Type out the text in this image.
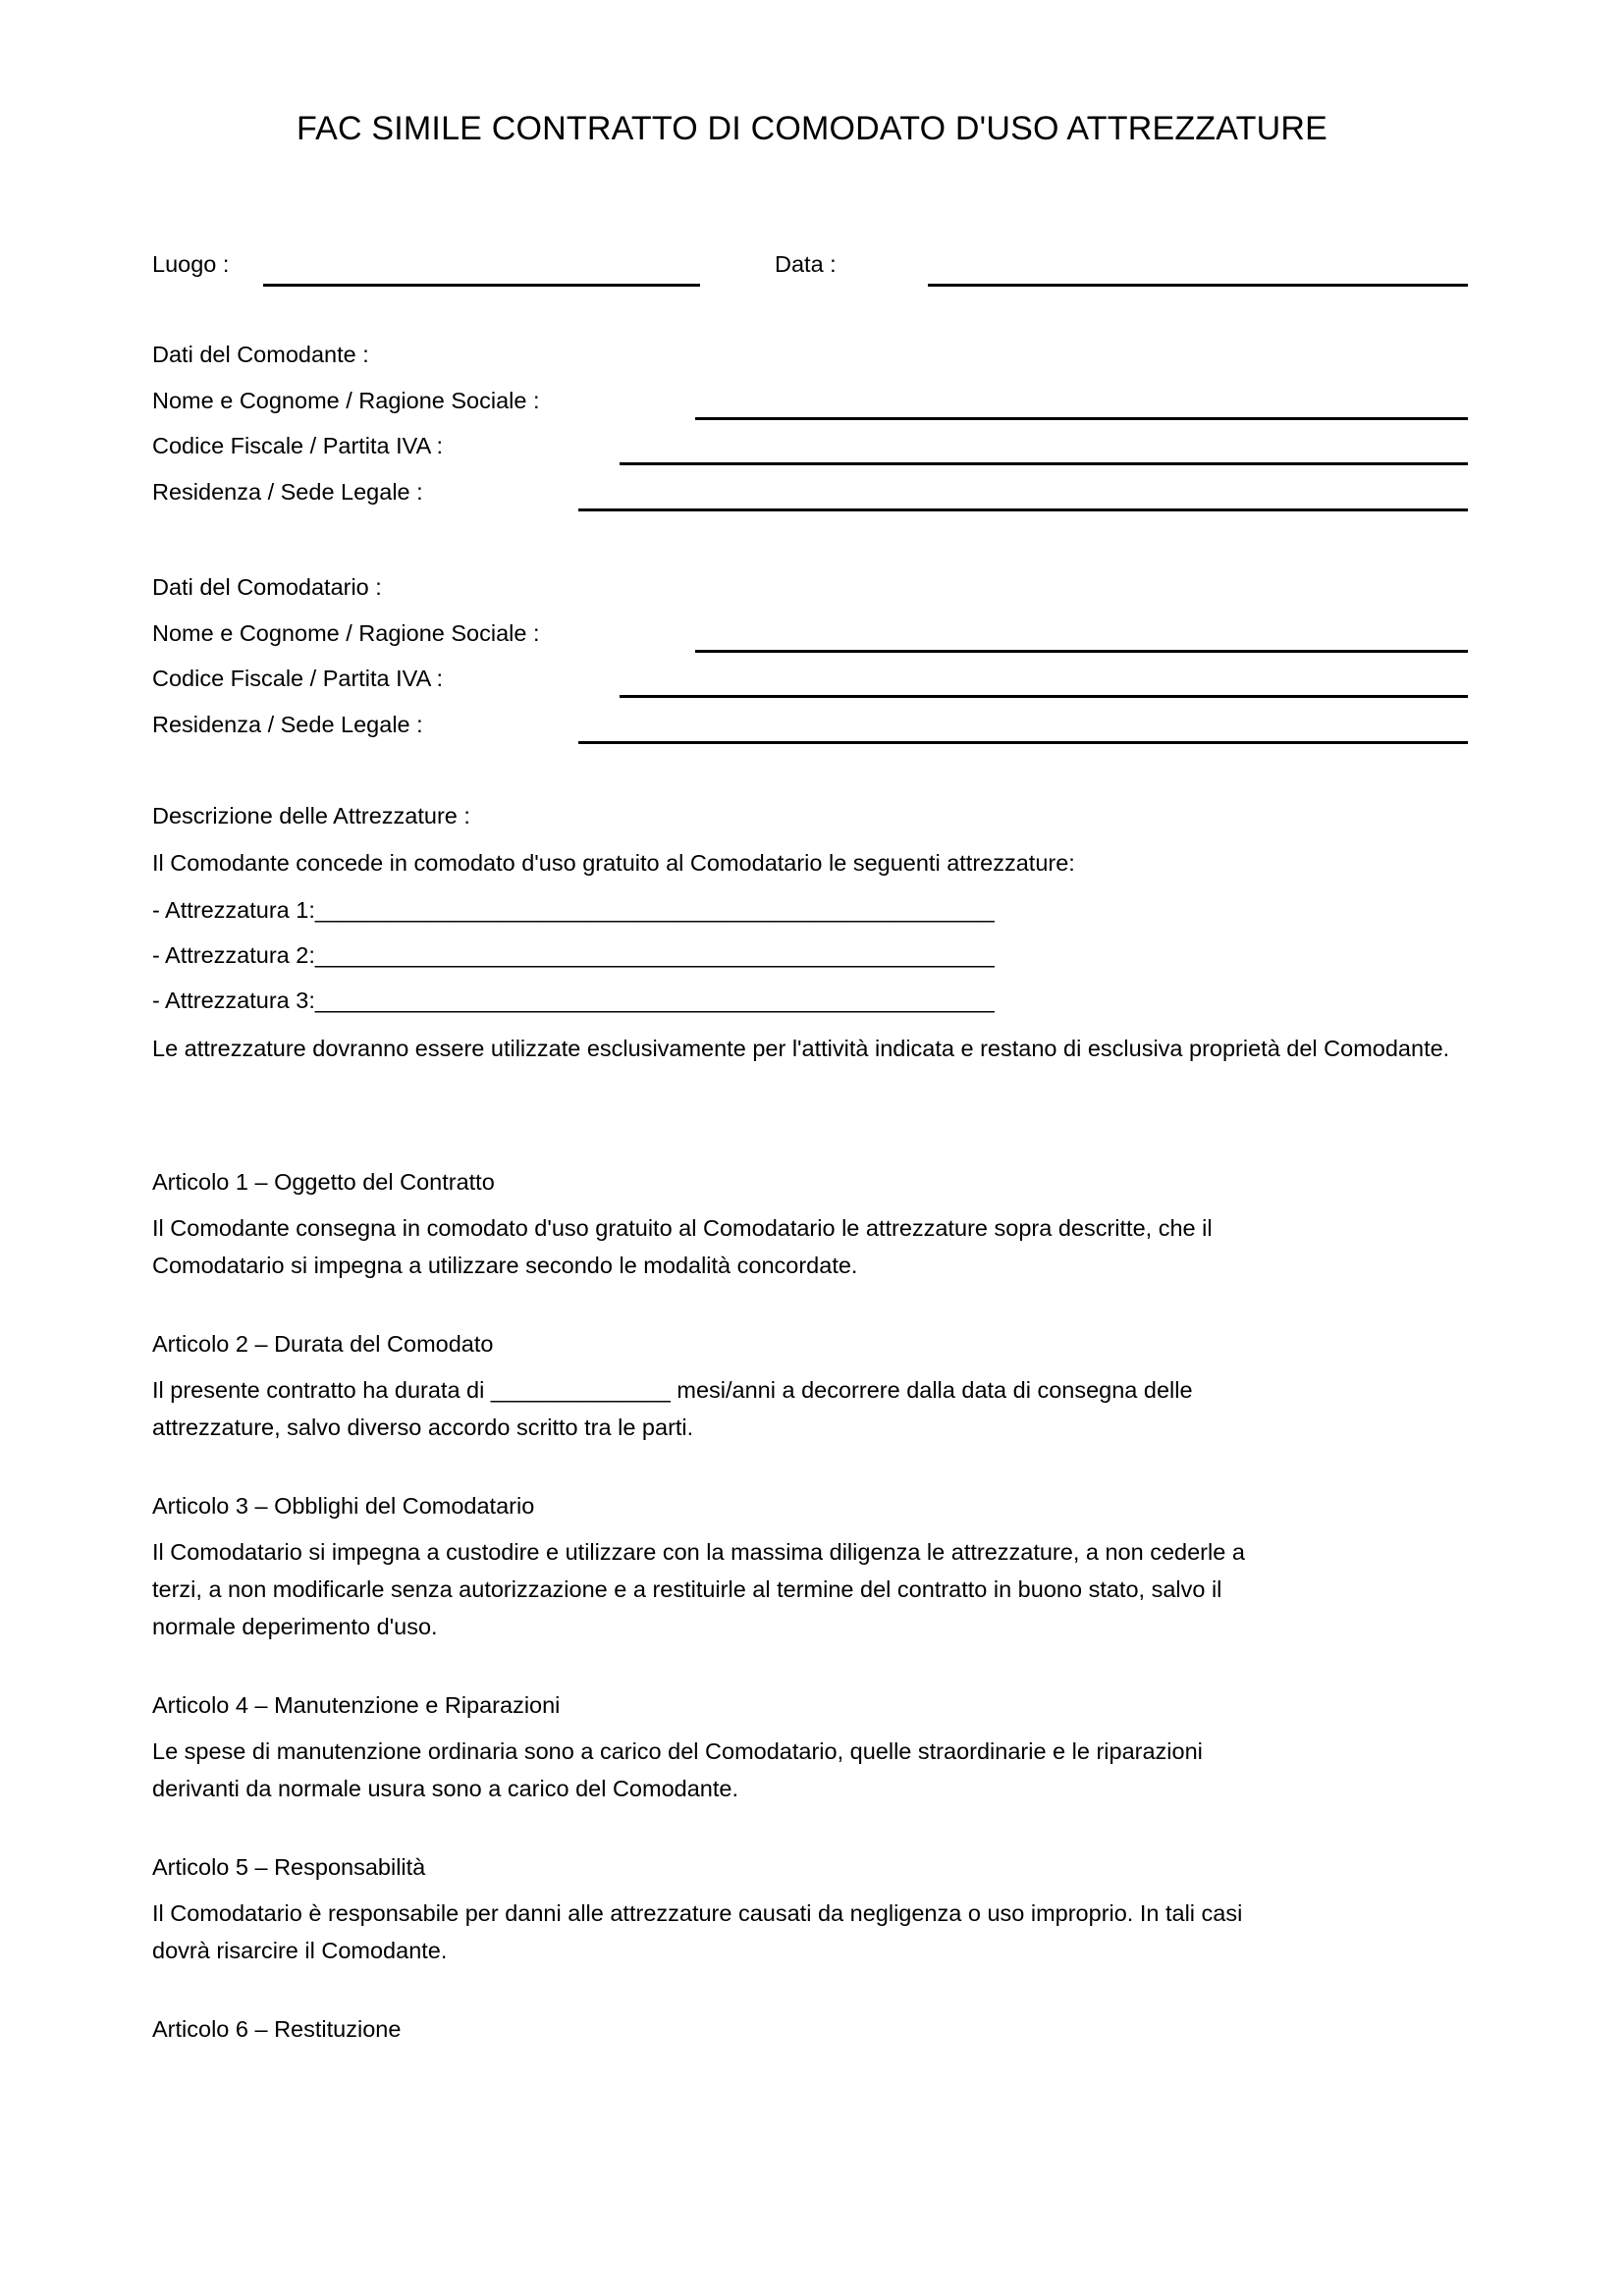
FAC SIMILE CONTRATTO DI COMODATO D'USO ATTREZZATURE
Luogo :	Data :
Dati del Comodante :
Nome e Cognome / Ragione Sociale :
Codice Fiscale / Partita IVA :
Residenza / Sede Legale :
Dati del Comodatario :
Nome e Cognome / Ragione Sociale :
Codice Fiscale / Partita IVA :
Residenza / Sede Legale :
Descrizione delle Attrezzature :
Il Comodante concede in comodato d'uso gratuito al Comodatario le seguenti attrezzature:
- Attrezzatura 1:_______________________________________________________
- Attrezzatura 2:_______________________________________________________
- Attrezzatura 3:_______________________________________________________
Le attrezzature dovranno essere utilizzate esclusivamente per l'attività indicata e restano di esclusiva proprietà del Comodante.
Articolo 1 – Oggetto del Contratto
Il Comodante consegna in comodato d'uso gratuito al Comodatario le attrezzature sopra descritte, che il
Comodatario si impegna a utilizzare secondo le modalità concordate.
Articolo 2 – Durata del Comodato
Il presente contratto ha durata di ______________ mesi/anni a decorrere dalla data di consegna delle
attrezzature, salvo diverso accordo scritto tra le parti.
Articolo 3 – Obblighi del Comodatario
Il Comodatario si impegna a custodire e utilizzare con la massima diligenza le attrezzature, a non cederle a
terzi, a non modificarle senza autorizzazione e a restituirle al termine del contratto in buono stato, salvo il
normale deperimento d'uso.
Articolo 4 – Manutenzione e Riparazioni
Le spese di manutenzione ordinaria sono a carico del Comodatario, quelle straordinarie e le riparazioni
derivanti da normale usura sono a carico del Comodante.
Articolo 5 – Responsabilità
Il Comodatario è responsabile per danni alle attrezzature causati da negligenza o uso improprio. In tali casi
dovrà risarcire il Comodante.
Articolo 6 – Restituzione
